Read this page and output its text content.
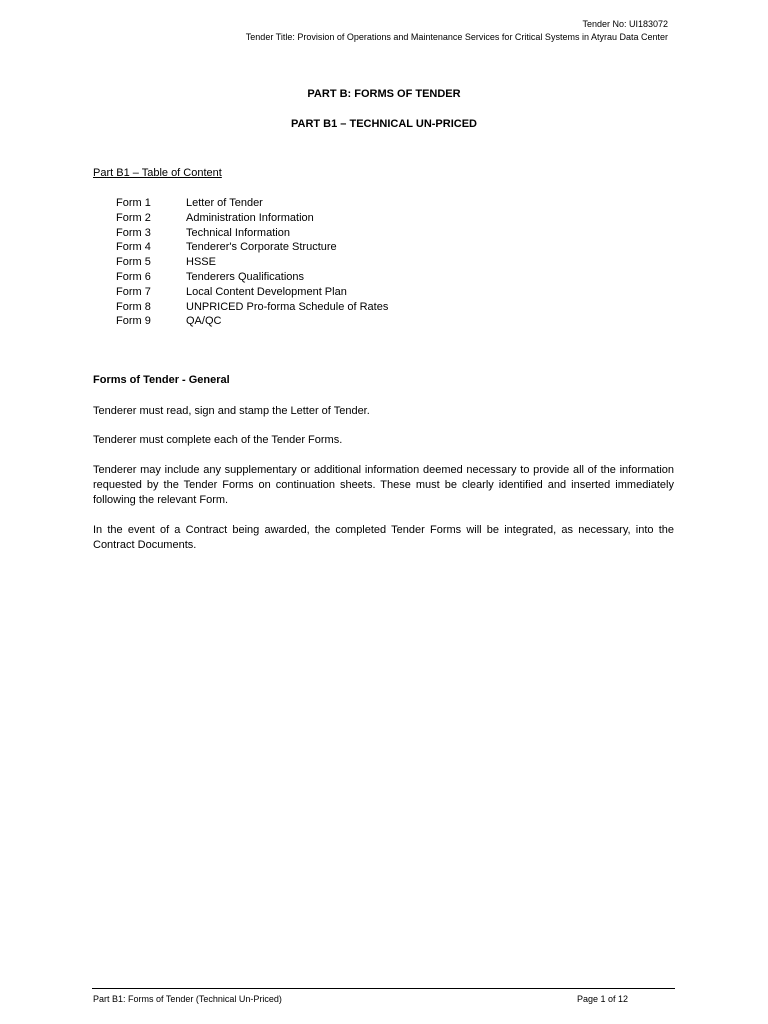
Tender No: UI183072
Tender Title: Provision of Operations and Maintenance Services for Critical Systems in Atyrau Data Center
PART B: FORMS OF TENDER
PART B1 – TECHNICAL UN-PRICED
Part B1 – Table of Content
Form 1	Letter of Tender
Form 2	Administration Information
Form 3	Technical Information
Form 4	Tenderer's Corporate Structure
Form 5	HSSE
Form 6	Tenderers Qualifications
Form 7	Local Content Development Plan
Form 8	UNPRICED Pro-forma Schedule of Rates
Form 9	QA/QC
Forms of Tender - General

Tenderer must read, sign and stamp the Letter of Tender.

Tenderer must complete each of the Tender Forms.

Tenderer may include any supplementary or additional information deemed necessary to provide all of the information requested by the Tender Forms on continuation sheets. These must be clearly identified and inserted immediately following the relevant Form.

In the event of a Contract being awarded, the completed Tender Forms will be integrated, as necessary, into the Contract Documents.

Part B1: Forms of Tender (Technical Un-Priced)	Page 1 of 12
